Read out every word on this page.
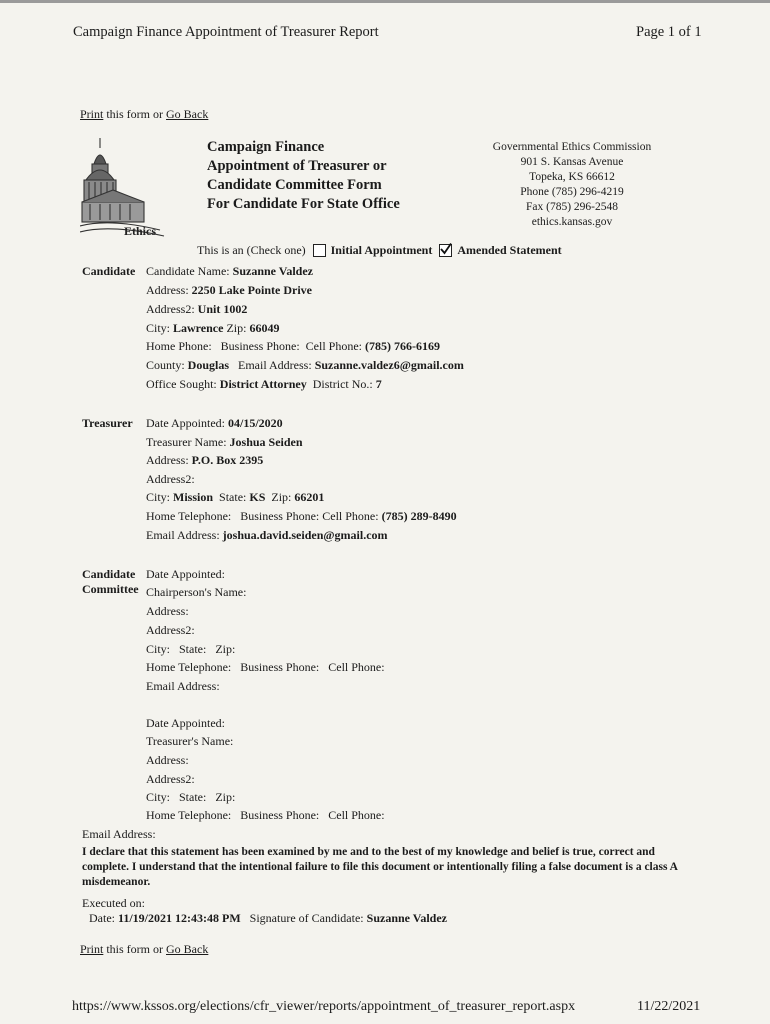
Campaign Finance Appointment of Treasurer Report	Page 1 of 1
Print this form or Go Back
Ethics
Campaign Finance
Appointment of Treasurer or
Candidate Committee Form
For Candidate For State Office
Governmental Ethics Commission
901 S. Kansas Avenue
Topeka, KS 66612
Phone (785) 296-4219
Fax (785) 296-2548
ethics.kansas.gov
This is an (Check one) Initial Appointment Amended Statement
Candidate Candidate Name: Suzanne Valdez
Address: 2250 Lake Pointe Drive
Address2: Unit 1002
City: Lawrence Zip: 66049
Home Phone:   Business Phone:  Cell Phone: (785) 766-6169
County: Douglas   Email Address: Suzanne.valdez6@gmail.com
Office Sought: District Attorney  District No.: 7
Treasurer Date Appointed: 04/15/2020
Treasurer Name: Joshua Seiden
Address: P.O. Box 2395
Address2:
City: Mission  State: KS  Zip: 66201
Home Telephone:   Business Phone: Cell Phone: (785) 289-8490
Email Address: joshua.david.seiden@gmail.com
Candidate
Committee
Date Appointed:
Chairperson's Name:
Address:
Address2:
City:   State:   Zip:
Home Telephone:   Business Phone:   Cell Phone:
Email Address:
Date Appointed:
Treasurer's Name:
Address:
Address2:
City:   State:   Zip:
Home Telephone:   Business Phone:   Cell Phone:
Email Address:
I declare that this statement has been examined by me and to the best of my knowledge and belief is true, correct and complete. I understand that the intentional failure to file this document or intentionally filing a false document is a class A misdemeanor.
Executed on:
Date: 11/19/2021 12:43:48 PM   Signature of Candidate: Suzanne Valdez
Print this form or Go Back
https://www.kssos.org/elections/cfr_viewer/reports/appointment_of_treasurer_report.aspx	11/22/2021
